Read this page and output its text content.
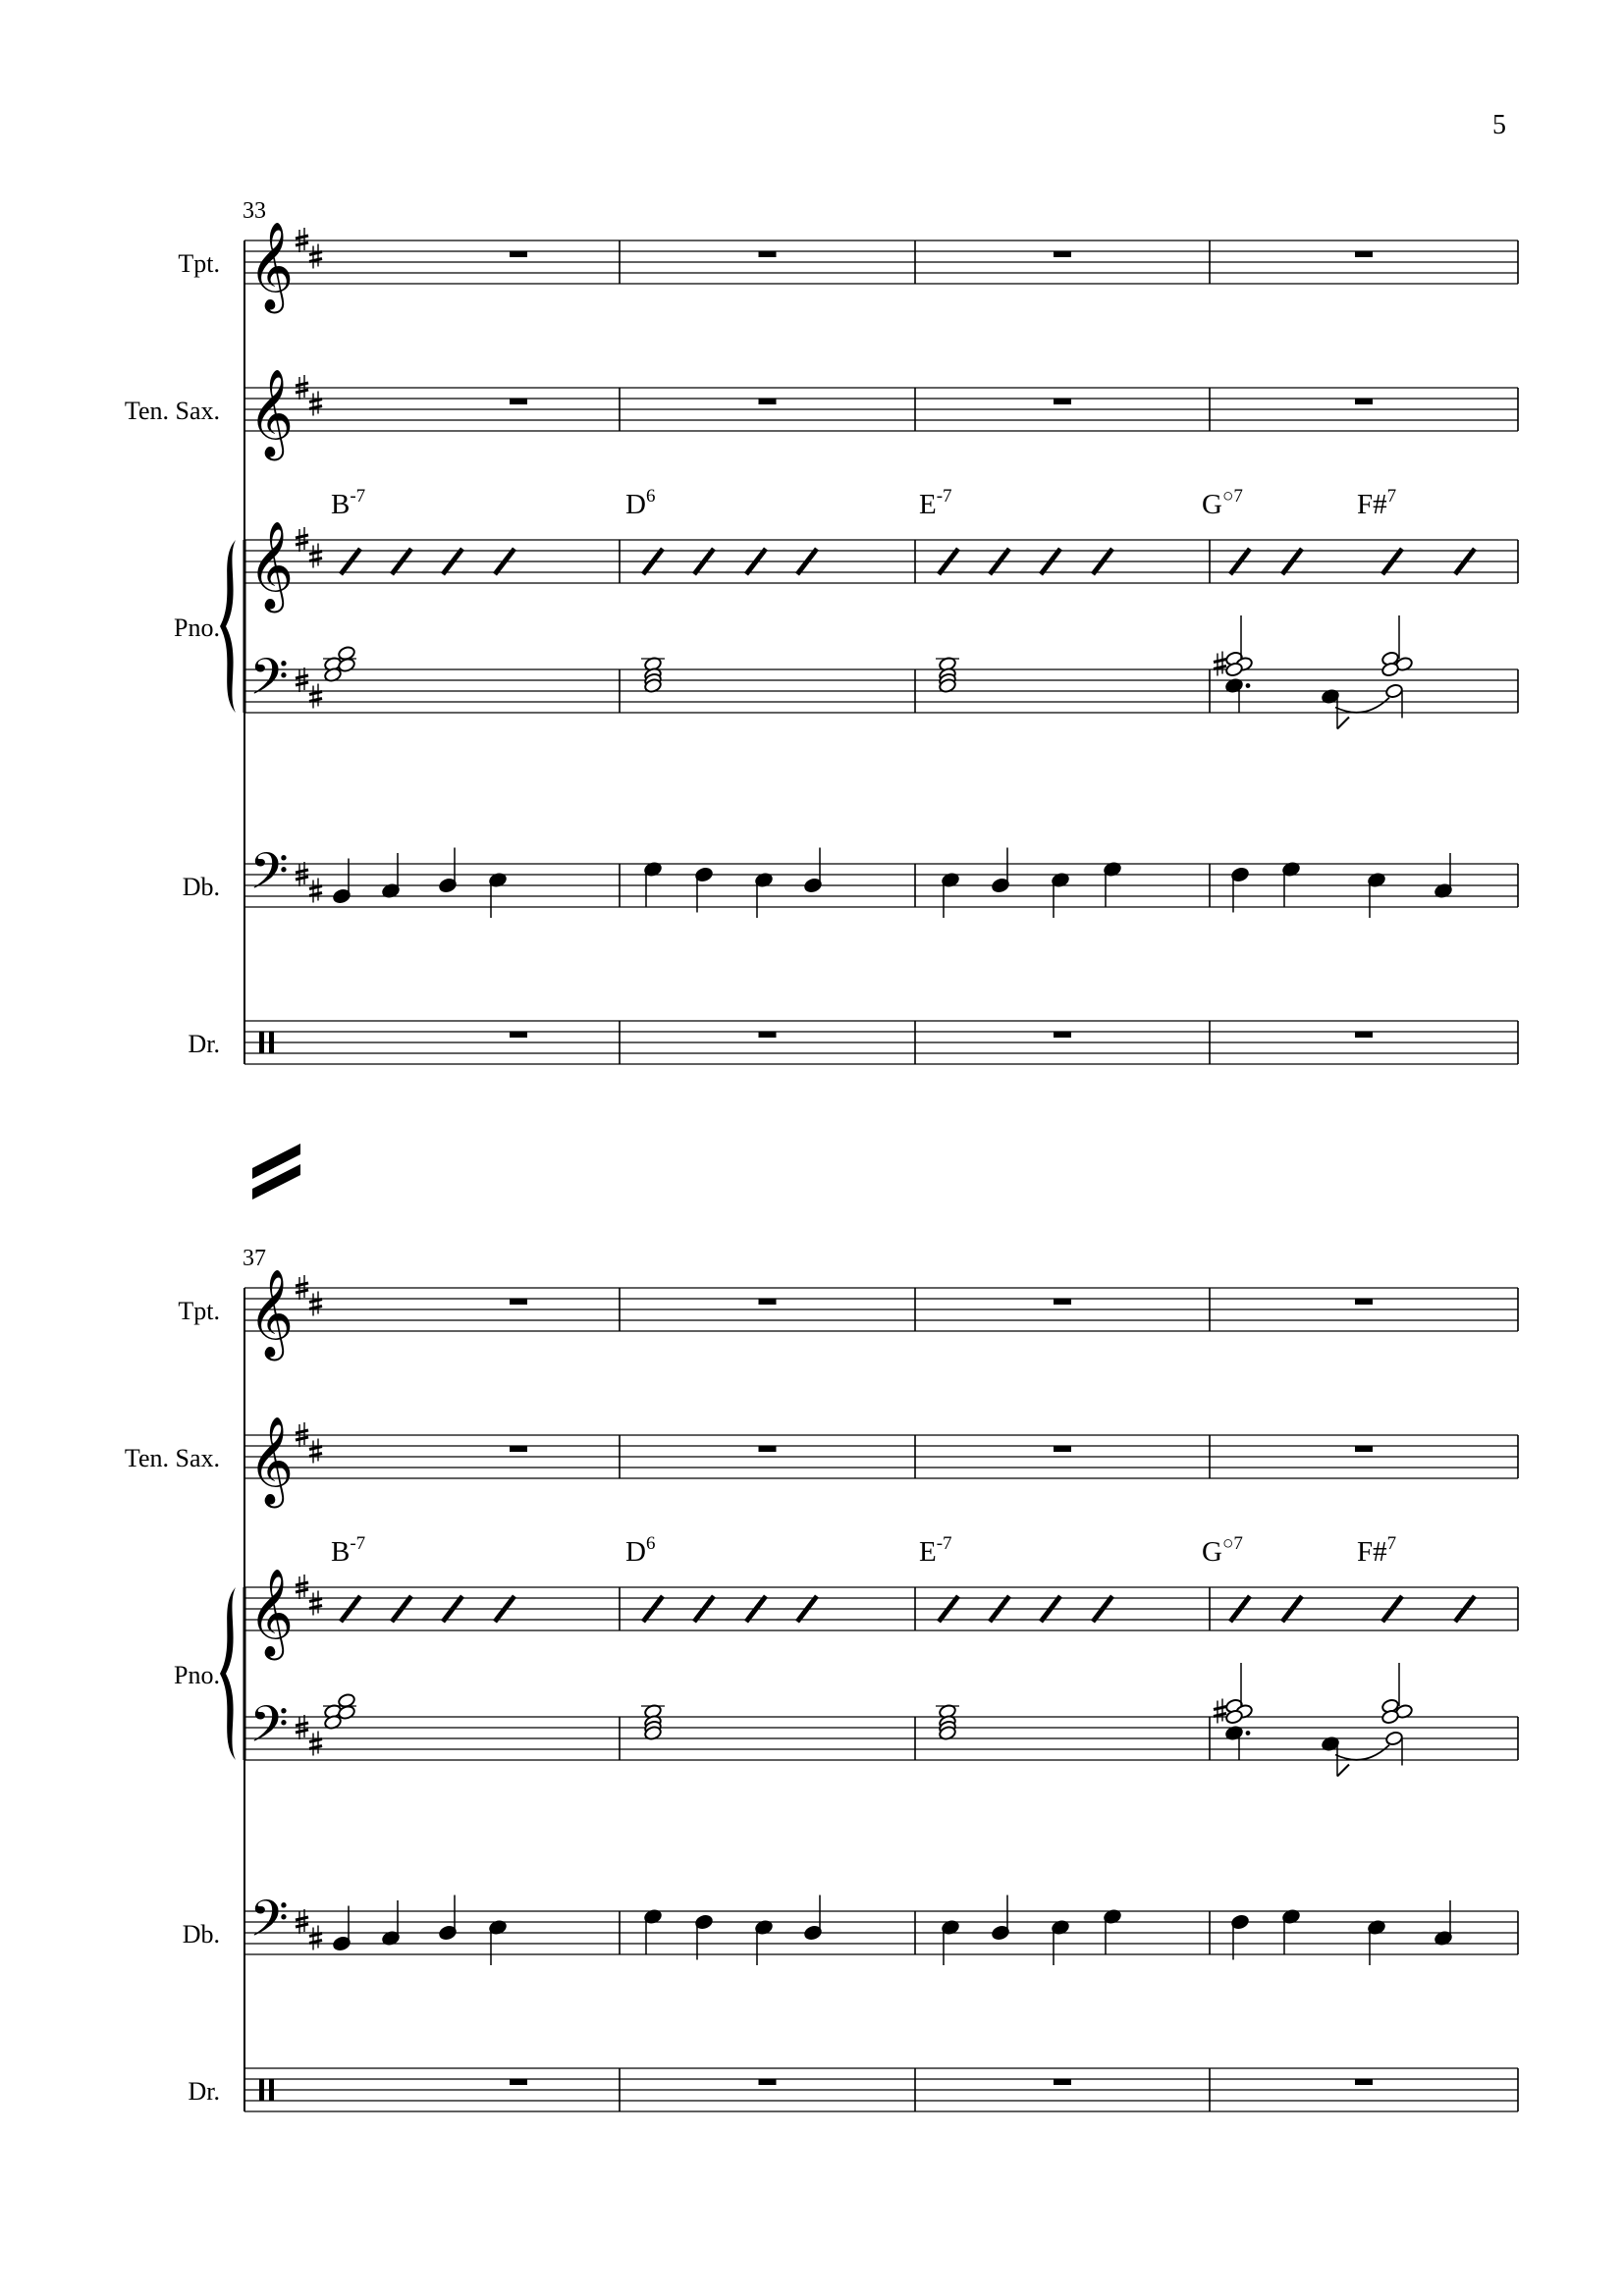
5
33
Tpt.
Ten. Sax.
Pno.
Db.
Dr.
𝄞
𝄞
𝄞
𝄢
𝄢
$B^{-7}$	$D^6$	$E^{-7}$	$G^{○7}$	F#$^7$
37
Tpt.
Ten. Sax.
Pno.
Db.
Dr.
𝄞
𝄞
𝄞
𝄢
𝄢
$B^{-7}$	$D^6$	$E^{-7}$	$G^{○7}$	F#$^7$
